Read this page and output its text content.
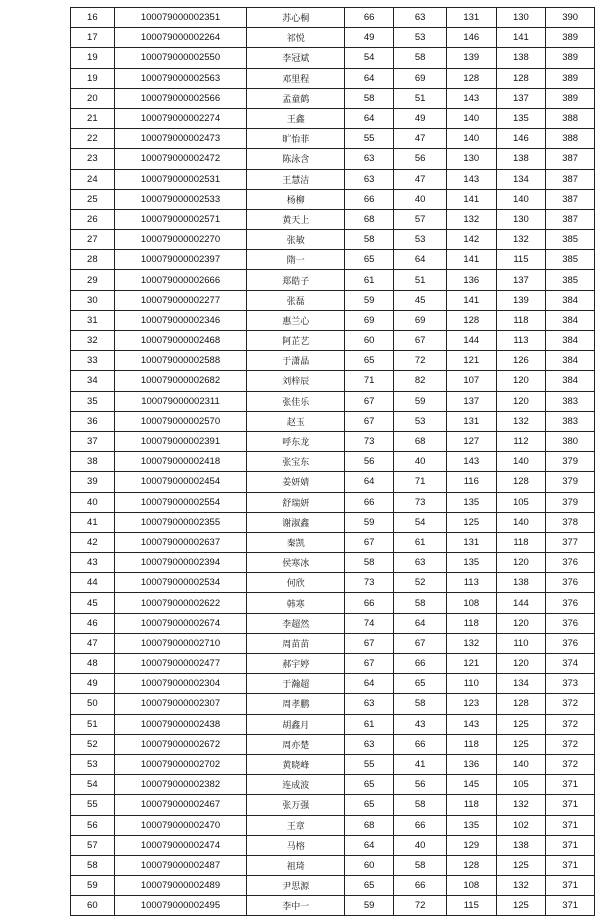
16	100079000002351	苏心桐	66	63	131	130	390
17	100079000002264	祁悦	49	53	146	141	389
19	100079000002550	李冠斌	54	58	139	138	389
19	100079000002563	邓里程	64	69	128	128	389
20	100079000002566	孟童鹤	58	51	143	137	389
21	100079000002274	王鑫	64	49	140	135	388
22	100079000002473	旷怡菲	55	47	140	146	388
23	100079000002472	陈泳含	63	56	130	138	387
24	100079000002531	王慧洁	63	47	143	134	387
25	100079000002533	杨柳	66	40	141	140	387
26	100079000002571	黄天上	68	57	132	130	387
27	100079000002270	张敏	58	53	142	132	385
28	100079000002397	隋一	65	64	141	115	385
29	100079000002666	郑皓子	61	51	136	137	385
30	100079000002277	张磊	59	45	141	139	384
31	100079000002346	惠兰心	69	69	128	118	384
32	100079000002468	阿芷艺	60	67	144	113	384
33	100079000002588	于潇晶	65	72	121	126	384
34	100079000002682	刘梓辰	71	82	107	120	384
35	100079000002311	张佳乐	67	59	137	120	383
36	100079000002570	赵玉	67	53	131	132	383
37	100079000002391	呼东龙	73	68	127	112	380
38	100079000002418	张宝东	56	40	143	140	379
39	100079000002454	姜妍婧	64	71	116	128	379
40	100079000002554	舒瑞妍	66	73	135	105	379
41	100079000002355	谢淑鑫	59	54	125	140	378
42	100079000002637	秦凯	67	61	131	118	377
43	100079000002394	侯寒冰	58	63	135	120	376
44	100079000002534	何欣	73	52	113	138	376
45	100079000002622	韩寒	66	58	108	144	376
46	100079000002674	李超然	74	64	118	120	376
47	100079000002710	周苗苗	67	67	132	110	376
48	100079000002477	郝宇婷	67	66	121	120	374
49	100079000002304	于瀚超	64	65	110	134	373
50	100079000002307	周孝鹏	63	58	123	128	372
51	100079000002438	胡鑫月	61	43	143	125	372
52	100079000002672	周亦楚	63	66	118	125	372
53	100079000002702	黄晓峰	55	41	136	140	372
54	100079000002382	连成波	65	56	145	105	371
55	100079000002467	张万强	65	58	118	132	371
56	100079000002470	王章	68	66	135	102	371
57	100079000002474	马榕	64	40	129	138	371
58	100079000002487	祖琦	60	58	128	125	371
59	100079000002489	尹思源	65	66	108	132	371
60	100079000002495	李中一	59	72	115	125	371
